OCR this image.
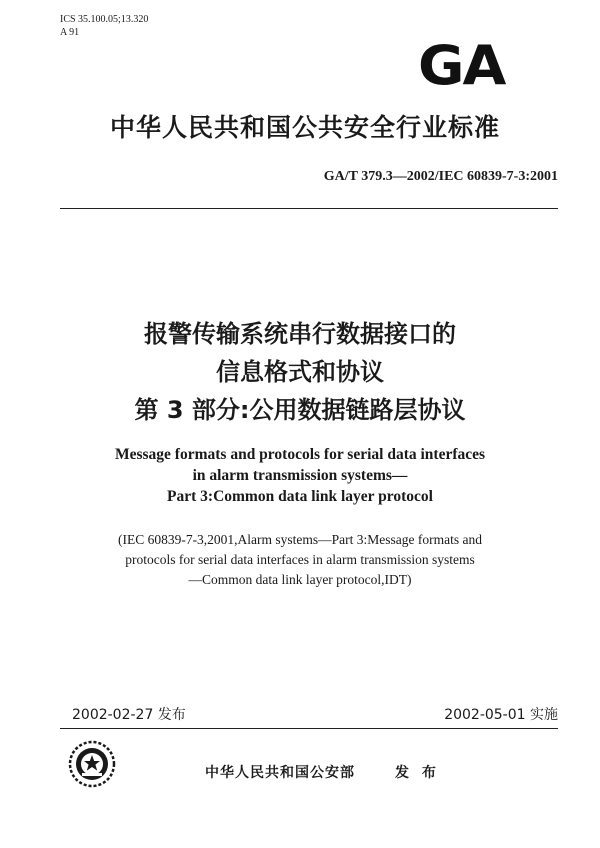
ICS 35.100.05;13.320
A 91
GA
中华人民共和国公共安全行业标准
GA/T 379.3—2002/IEC 60839-7-3:2001
报警传输系统串行数据接口的
信息格式和协议
第 3 部分:公用数据链路层协议
Message formats and protocols for serial data interfaces
in alarm transmission systems—
Part 3:Common data link layer protocol
(IEC 60839-7-3,2001,Alarm systems—Part 3:Message formats and
protocols for serial data interfaces in alarm transmission systems
—Common data link layer protocol,IDT)
2002-02-27 发布	2002-05-01 实施
中华人民共和国公安部	发 布
